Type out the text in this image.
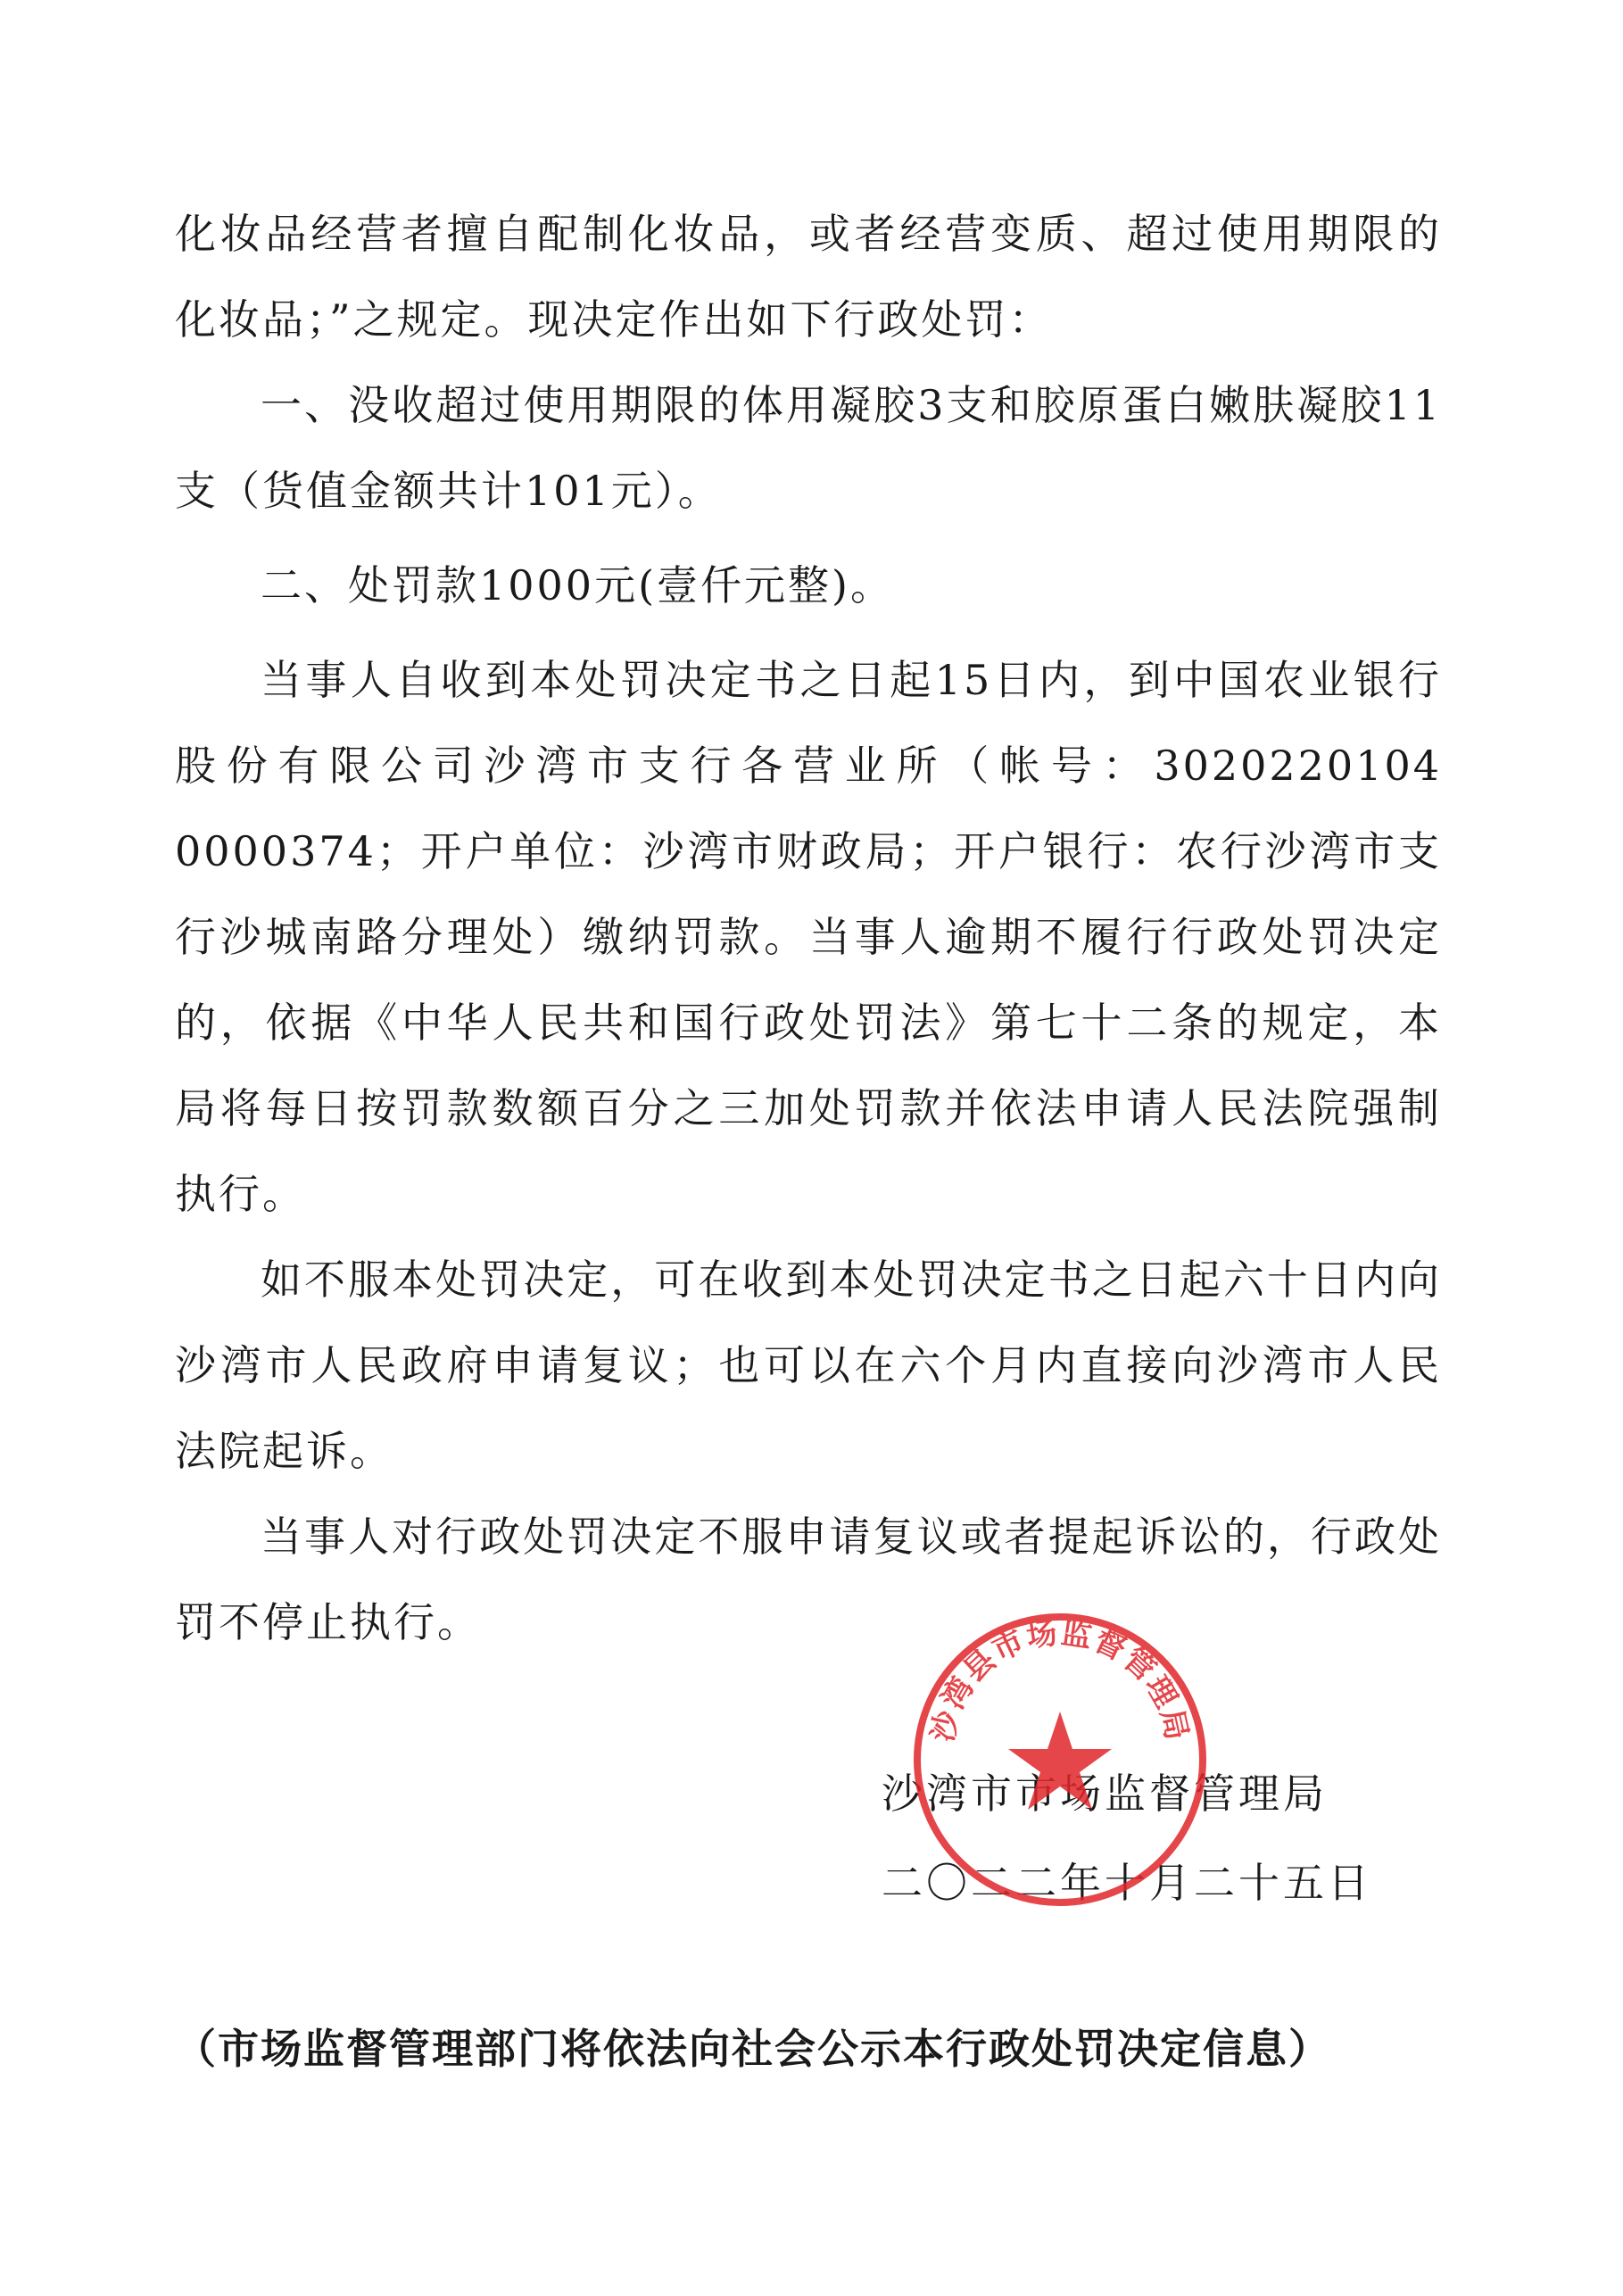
化妆品经营者擅自配制化妆品，或者经营变质、超过使用期限的化妆品；”之规定。现决定作出如下行政处罚：

一、没收超过使用期限的体用凝胶3支和胶原蛋白嫩肤凝胶11支（货值金额共计101元）。

二、处罚款1000元(壹仟元整)。

当事人自收到本处罚决定书之日起15日内，到中国农业银行股份有限公司沙湾市支行各营业所（帐号：3020220104 0000374；开户单位：沙湾市财政局；开户银行：农行沙湾市支行沙城南路分理处）缴纳罚款。当事人逾期不履行行政处罚决定的，依据《中华人民共和国行政处罚法》第七十二条的规定，本局将每日按罚款数额百分之三加处罚款并依法申请人民法院强制执行。

如不服本处罚决定，可在收到本处罚决定书之日起六十日内向沙湾市人民政府申请复议；也可以在六个月内直接向沙湾市人民法院起诉。

当事人对行政处罚决定不服申请复议或者提起诉讼的，行政处罚不停止执行。

沙湾市市场监督管理局
二〇二二年十月二十五日
沙湾县市场监督管理局
（市场监督管理部门将依法向社会公示本行政处罚决定信息）
